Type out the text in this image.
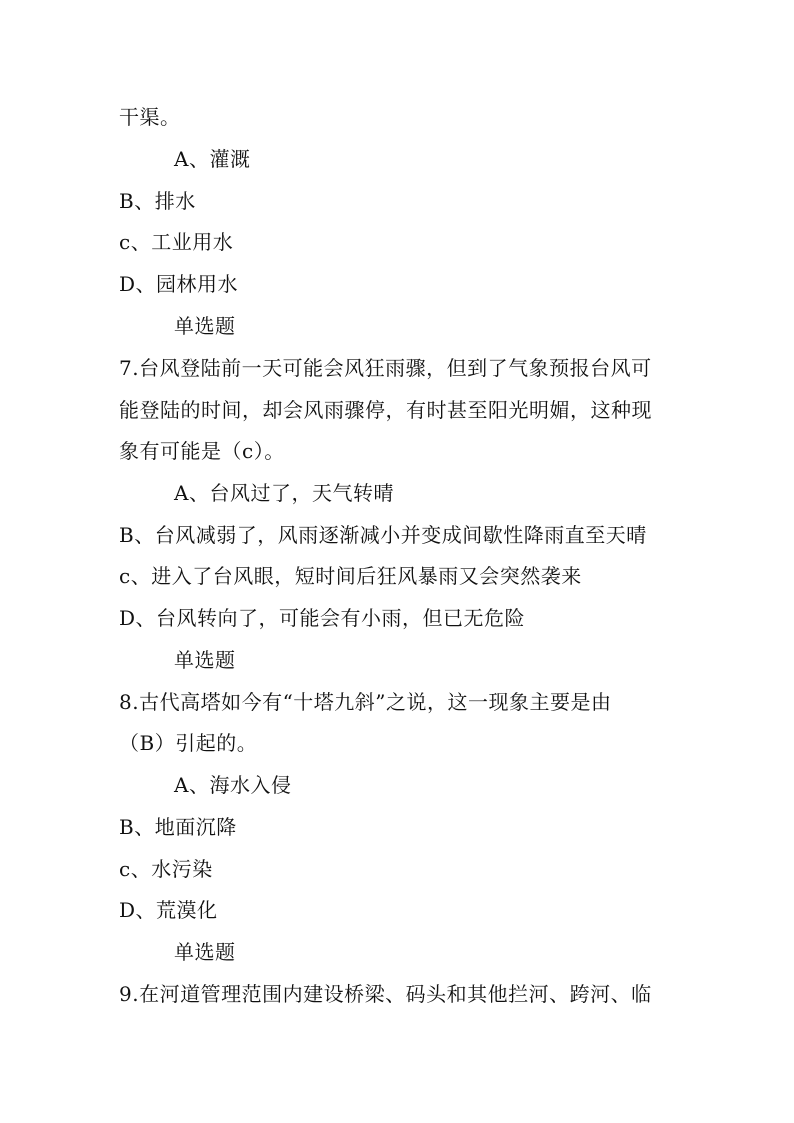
干渠。
A、灌溉
B、排水
c、工业用水
D、园林用水
单选题
7.台风登陆前一天可能会风狂雨骤，但到了气象预报台风可
能登陆的时间，却会风雨骤停，有时甚至阳光明媚，这种现
象有可能是（c）。
A、台风过了，天气转晴
B、台风减弱了，风雨逐渐减小并变成间歇性降雨直至天晴
c、进入了台风眼，短时间后狂风暴雨又会突然袭来
D、台风转向了，可能会有小雨，但已无危险
单选题
8.古代高塔如今有“十塔九斜”之说，这一现象主要是由
（B）引起的。
A、海水入侵
B、地面沉降
c、水污染
D、荒漠化
单选题
9.在河道管理范围内建设桥梁、码头和其他拦河、跨河、临
